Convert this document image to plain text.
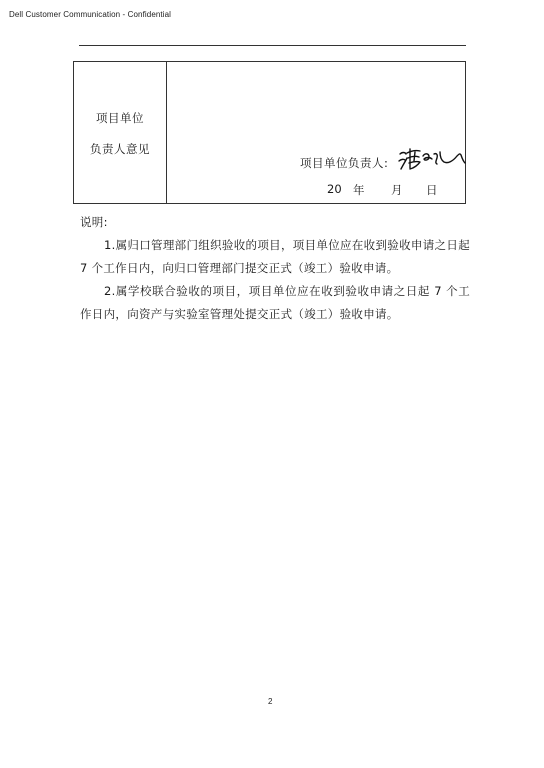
Dell Customer Communication - Confidential
项目单位
负责人意见
项目单位负责人:
20 年 月 日
说明:
1.属归口管理部门组织验收的项目，项目单位应在收到验收申请之日起 7 个工作日内，向归口管理部门提交正式（竣工）验收申请。
2.属学校联合验收的项目，项目单位应在收到验收申请之日起 7 个工作日内，向资产与实验室管理处提交正式（竣工）验收申请。
2
